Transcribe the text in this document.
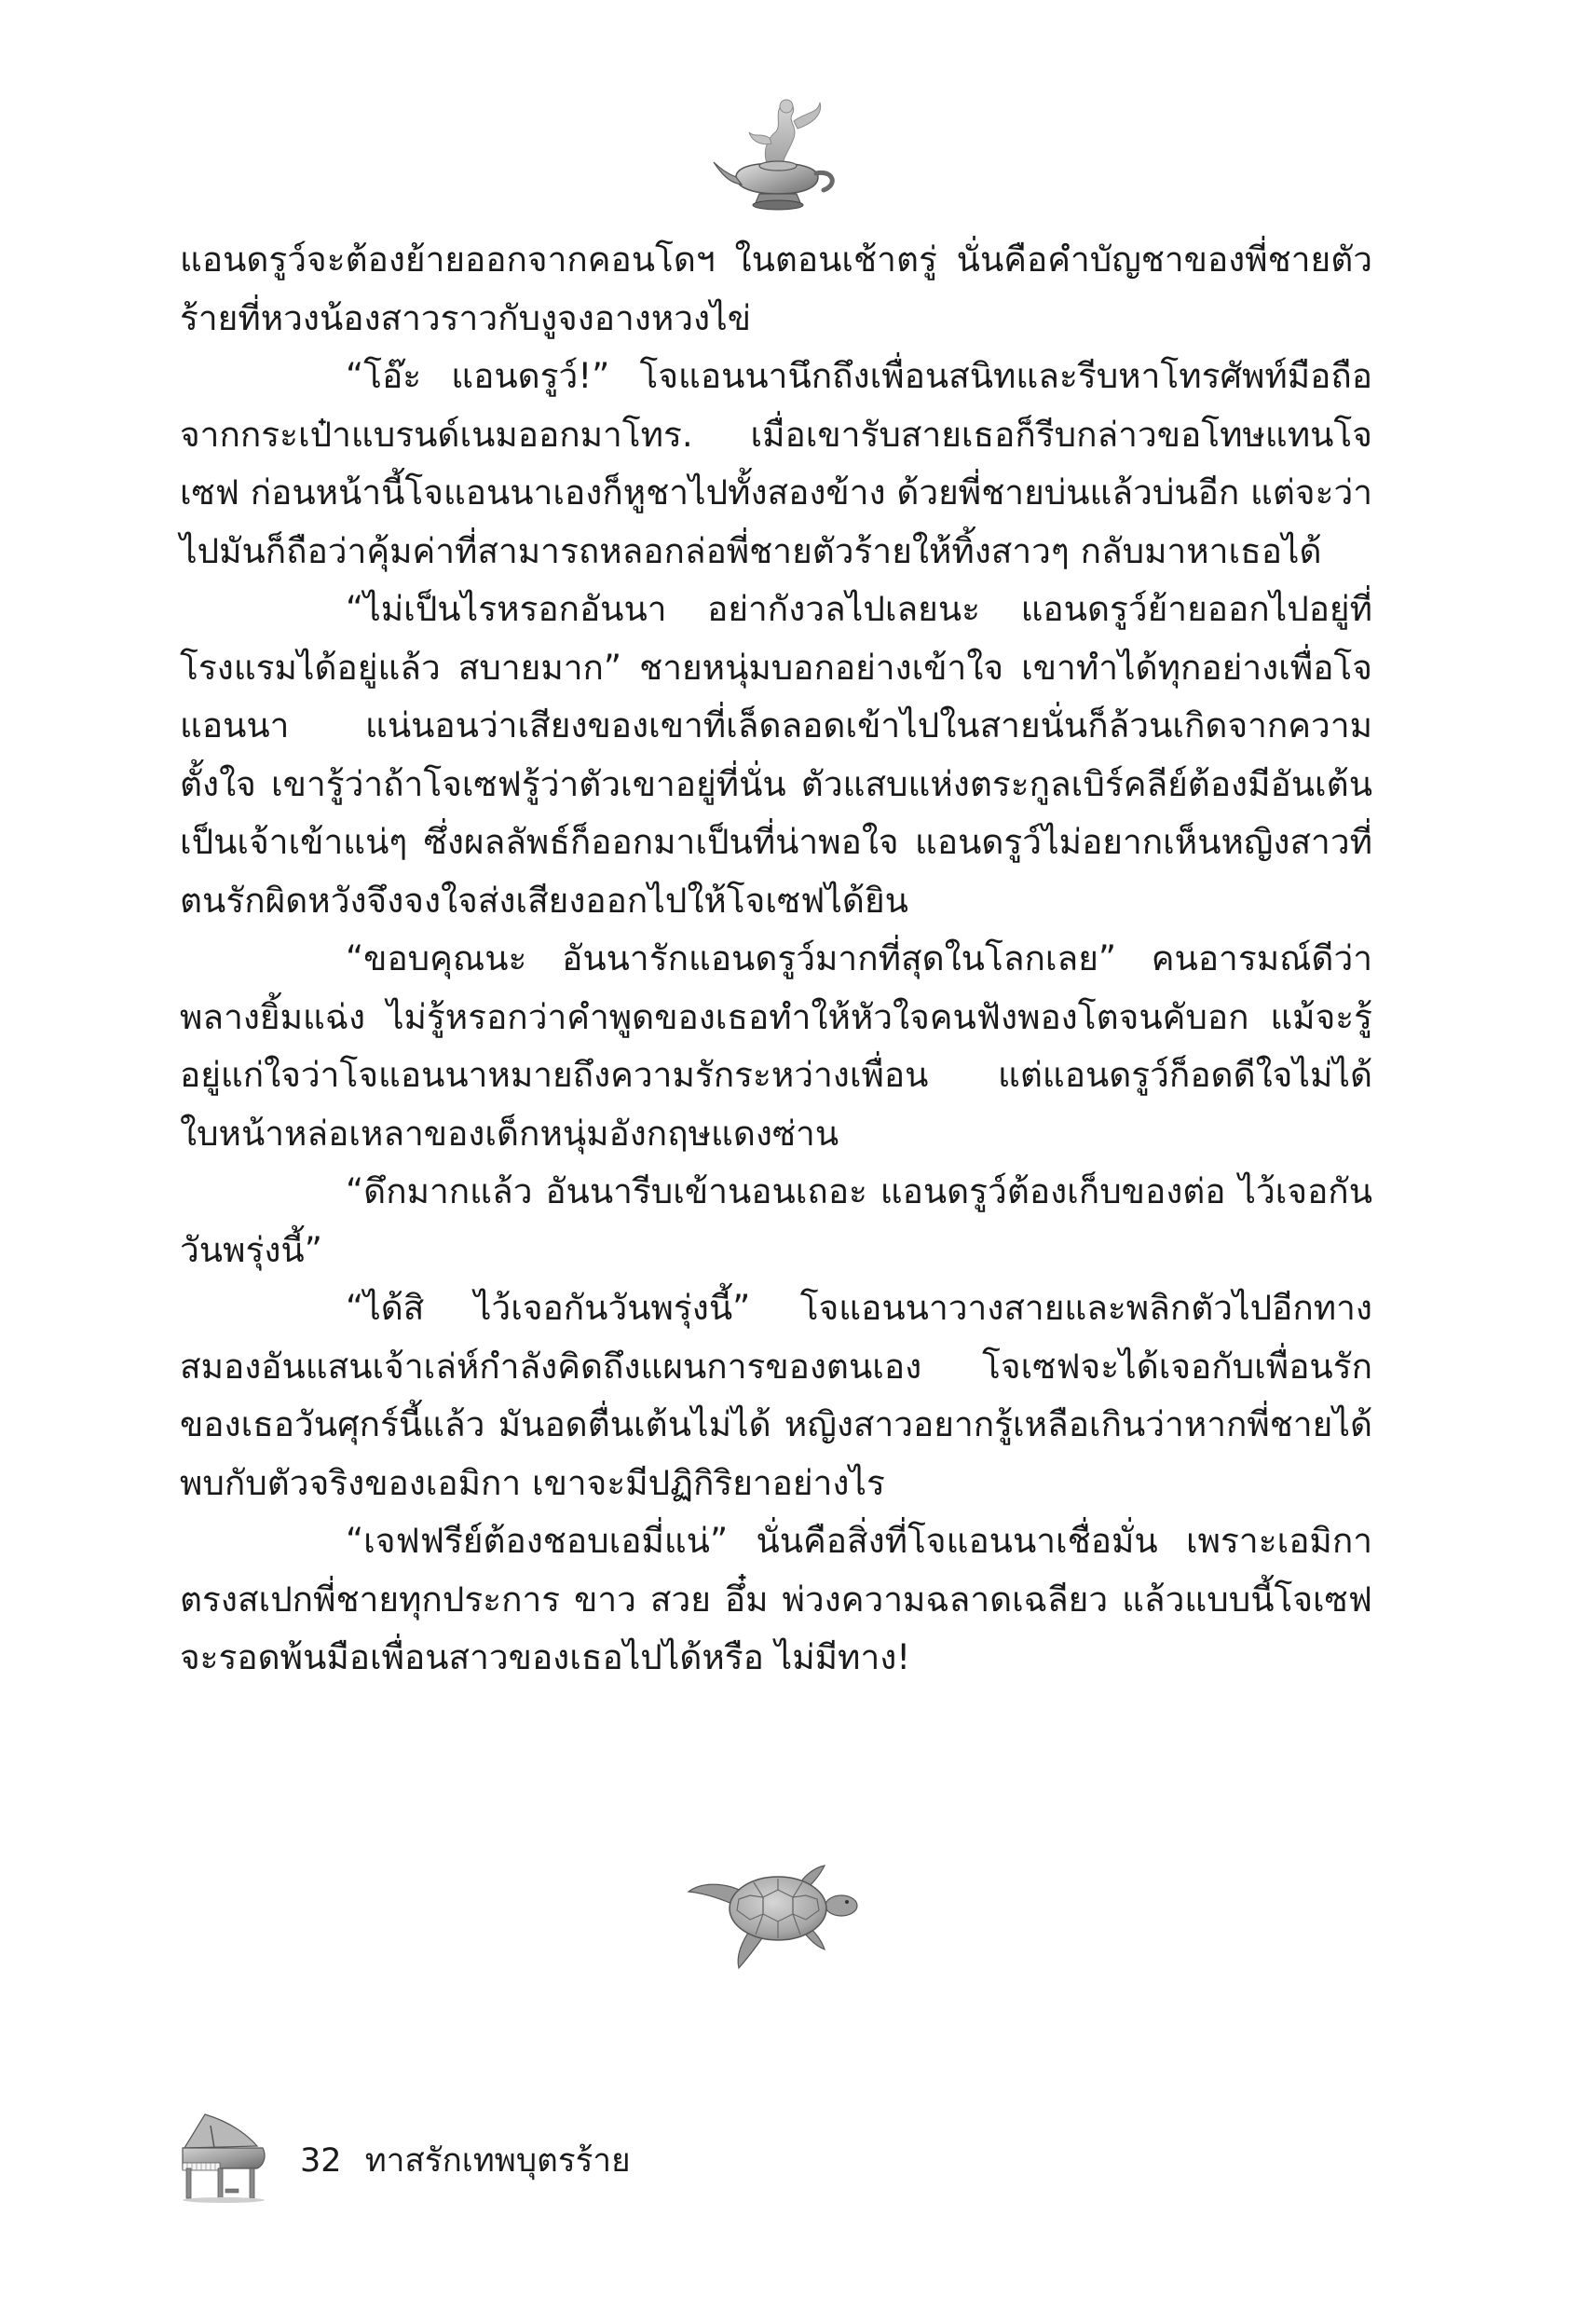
แอนดรูว์จะต้องย้ายออกจากคอนโดฯ ในตอนเช้าตรู่ นั่นคือคำบัญชาของพี่ชายตัวร้ายที่หวงน้องสาวราวกับงูจงอางหวงไข่

“โอ๊ะ แอนดรูว์!” โจแอนนานึกถึงเพื่อนสนิทและรีบหาโทรศัพท์มือถือจากกระเป๋าแบรนด์เนมออกมาโทร. เมื่อเขารับสายเธอก็รีบกล่าวขอโทษแทนโจเซฟ ก่อนหน้านี้โจแอนนาเองก็หูชาไปทั้งสองข้าง ด้วยพี่ชายบ่นแล้วบ่นอีก แต่จะว่าไปมันก็ถือว่าคุ้มค่าที่สามารถหลอกล่อพี่ชายตัวร้ายให้ทิ้งสาวๆ กลับมาหาเธอได้

“ไม่เป็นไรหรอกอันนา อย่ากังวลไปเลยนะ แอนดรูว์ย้ายออกไปอยู่ที่โรงแรมได้อยู่แล้ว สบายมาก” ชายหนุ่มบอกอย่างเข้าใจ เขาทำได้ทุกอย่างเพื่อโจแอนนา แน่นอนว่าเสียงของเขาที่เล็ดลอดเข้าไปในสายนั่นก็ล้วนเกิดจากความตั้งใจ เขารู้ว่าถ้าโจเซฟรู้ว่าตัวเขาอยู่ที่นั่น ตัวแสบแห่งตระกูลเบิร์คลีย์ต้องมีอันเต้นเป็นเจ้าเข้าแน่ๆ ซึ่งผลลัพธ์ก็ออกมาเป็นที่น่าพอใจ แอนดรูว์ไม่อยากเห็นหญิงสาวที่ตนรักผิดหวังจึงจงใจส่งเสียงออกไปให้โจเซฟได้ยิน

“ขอบคุณนะ อันนารักแอนดรูว์มากที่สุดในโลกเลย” คนอารมณ์ดีว่าพลางยิ้มแฉ่ง ไม่รู้หรอกว่าคำพูดของเธอทำให้หัวใจคนฟังพองโตจนคับอก แม้จะรู้อยู่แก่ใจว่าโจแอนนาหมายถึงความรักระหว่างเพื่อน แต่แอนดรูว์ก็อดดีใจไม่ได้ ใบหน้าหล่อเหลาของเด็กหนุ่มอังกฤษแดงซ่าน

“ดึกมากแล้ว อันนารีบเข้านอนเถอะ แอนดรูว์ต้องเก็บของต่อ ไว้เจอกันวันพรุ่งนี้”

“ได้สิ ไว้เจอกันวันพรุ่งนี้” โจแอนนาวางสายและพลิกตัวไปอีกทาง สมองอันแสนเจ้าเล่ห์กำลังคิดถึงแผนการของตนเอง โจเซฟจะได้เจอกับเพื่อนรักของเธอวันศุกร์นี้แล้ว มันอดตื่นเต้นไม่ได้ หญิงสาวอยากรู้เหลือเกินว่าหากพี่ชายได้พบกับตัวจริงของเอมิกา เขาจะมีปฏิกิริยาอย่างไร

“เจฟฟรีย์ต้องชอบเอมี่แน่” นั่นคือสิ่งที่โจแอนนาเชื่อมั่น เพราะเอมิกาตรงสเปกพี่ชายทุกประการ ขาว สวย อึ๋ม พ่วงความฉลาดเฉลียว แล้วแบบนี้โจเซฟจะรอดพ้นมือเพื่อนสาวของเธอไปได้หรือ ไม่มีทาง!

32 ทาสรักเทพบุตรร้าย
